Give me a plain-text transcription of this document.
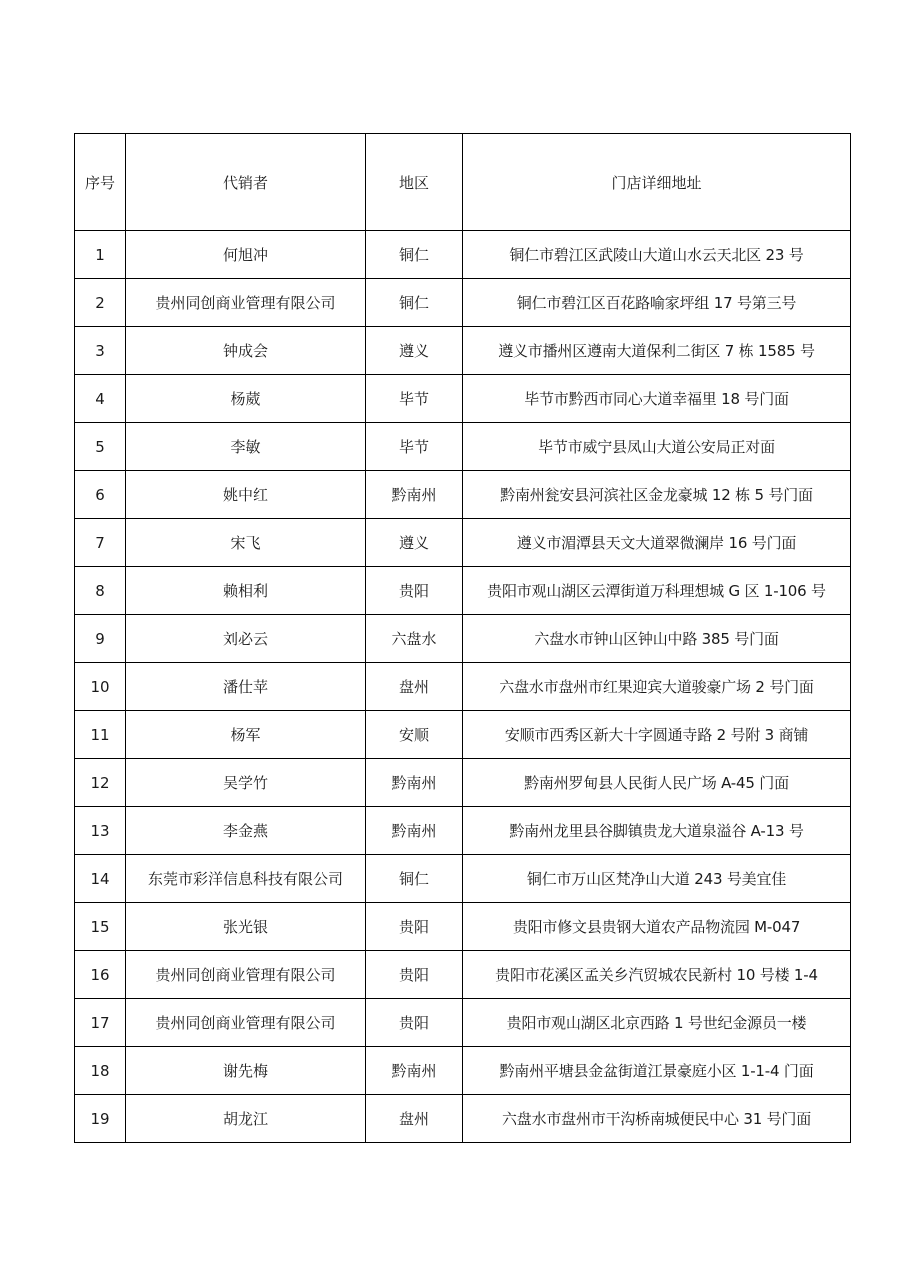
序号	代销者	地区	门店详细地址
1	何旭冲	铜仁	铜仁市碧江区武陵山大道山水云天北区 23 号
2	贵州同创商业管理有限公司	铜仁	铜仁市碧江区百花路喻家坪组 17 号第三号
3	钟成会	遵义	遵义市播州区遵南大道保利二街区 7 栋 1585 号
4	杨葳	毕节	毕节市黔西市同心大道幸福里 18 号门面
5	李敏	毕节	毕节市威宁县凤山大道公安局正对面
6	姚中红	黔南州	黔南州瓮安县河滨社区金龙豪城 12 栋 5 号门面
7	宋飞	遵义	遵义市湄潭县天文大道翠微澜岸 16 号门面
8	赖相利	贵阳	贵阳市观山湖区云潭街道万科理想城 G 区 1-106 号
9	刘必云	六盘水	六盘水市钟山区钟山中路 385 号门面
10	潘仕苹	盘州	六盘水市盘州市红果迎宾大道骏豪广场 2 号门面
11	杨军	安顺	安顺市西秀区新大十字圆通寺路 2 号附 3 商铺
12	吴学竹	黔南州	黔南州罗甸县人民街人民广场 A-45 门面
13	李金燕	黔南州	黔南州龙里县谷脚镇贵龙大道泉溢谷 A-13 号
14	东莞市彩洋信息科技有限公司	铜仁	铜仁市万山区梵净山大道 243 号美宜佳
15	张光银	贵阳	贵阳市修文县贵钢大道农产品物流园 M-047
16	贵州同创商业管理有限公司	贵阳	贵阳市花溪区孟关乡汽贸城农民新村 10 号楼 1-4
17	贵州同创商业管理有限公司	贵阳	贵阳市观山湖区北京西路 1 号世纪金源员一楼
18	谢先梅	黔南州	黔南州平塘县金盆街道江景豪庭小区 1-1-4 门面
19	胡龙江	盘州	六盘水市盘州市干沟桥南城便民中心 31 号门面
